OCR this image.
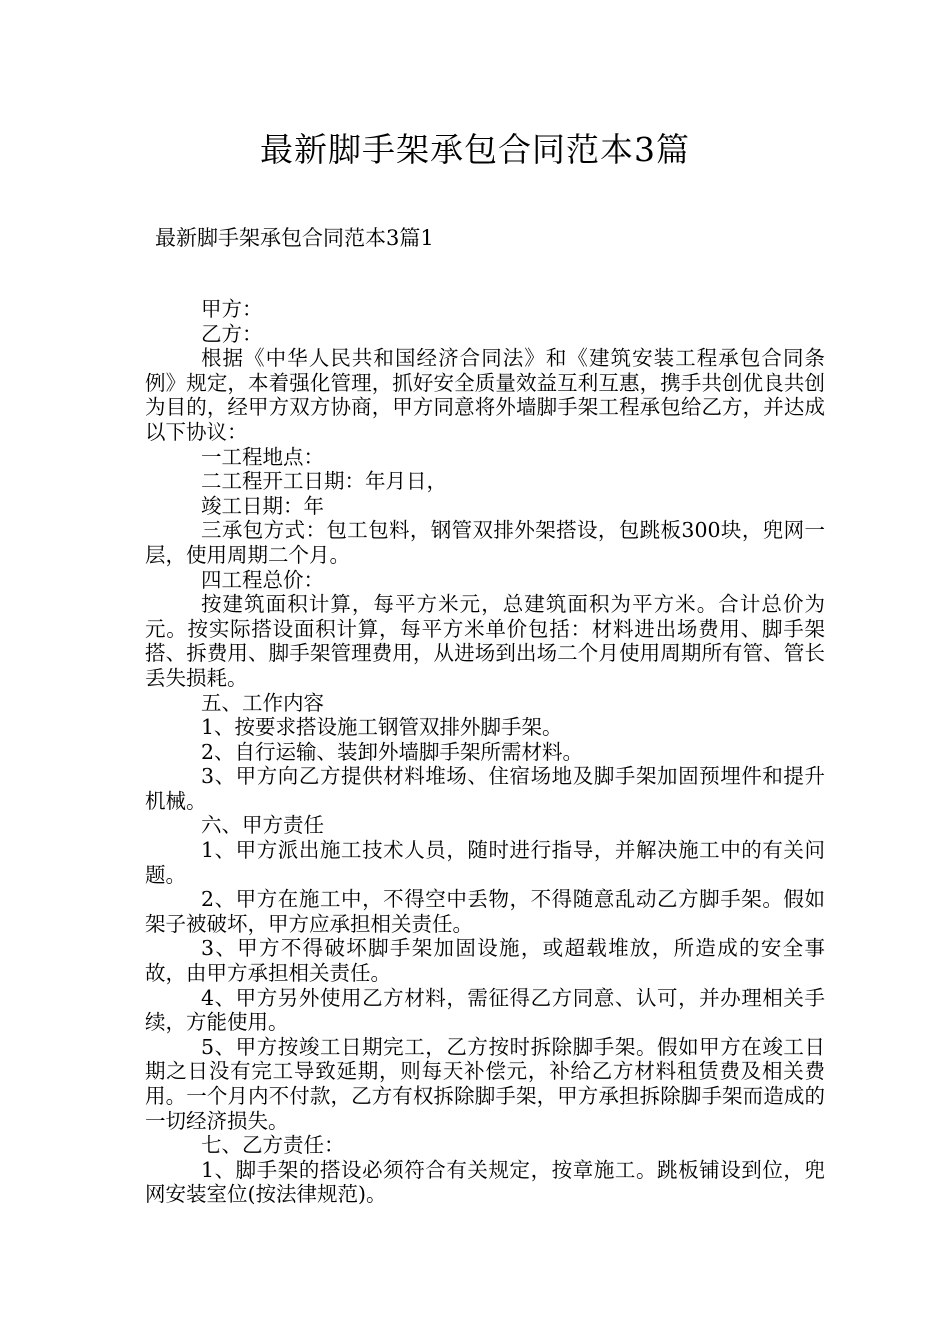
最新脚手架承包合同范本3篇
最新脚手架承包合同范本3篇1

甲方：

乙方：

根据《中华人民共和国经济合同法》和《建筑安装工程承包合同条例》规定，本着强化管理，抓好安全质量效益互利互惠，携手共创优良共创为目的，经甲方双方协商，甲方同意将外墙脚手架工程承包给乙方，并达成以下协议：

一工程地点：

二工程开工日期：年月日，

竣工日期：年

三承包方式：包工包料，钢管双排外架搭设，包跳板300块，兜网一层，使用周期二个月。

四工程总价：

按建筑面积计算，每平方米元，总建筑面积为平方米。合计总价为元。按实际搭设面积计算，每平方米单价包括：材料进出场费用、脚手架搭、拆费用、脚手架管理费用，从进场到出场二个月使用周期所有管、管长丢失损耗。

五、工作内容

1、按要求搭设施工钢管双排外脚手架。

2、自行运输、装卸外墙脚手架所需材料。

3、甲方向乙方提供材料堆场、住宿场地及脚手架加固预埋件和提升机械。

六、甲方责任

1、甲方派出施工技术人员，随时进行指导，并解决施工中的有关问题。

2、甲方在施工中，不得空中丢物，不得随意乱动乙方脚手架。假如架子被破坏，甲方应承担相关责任。

3、甲方不得破坏脚手架加固设施，或超载堆放，所造成的安全事故，由甲方承担相关责任。

4、甲方另外使用乙方材料，需征得乙方同意、认可，并办理相关手续，方能使用。

5、甲方按竣工日期完工，乙方按时拆除脚手架。假如甲方在竣工日期之日没有完工导致延期，则每天补偿元，补给乙方材料租赁费及相关费用。一个月内不付款，乙方有权拆除脚手架，甲方承担拆除脚手架而造成的一切经济损失。

七、乙方责任：

1、脚手架的搭设必须符合有关规定，按章施工。跳板铺设到位，兜网安装室位(按法律规范)。
